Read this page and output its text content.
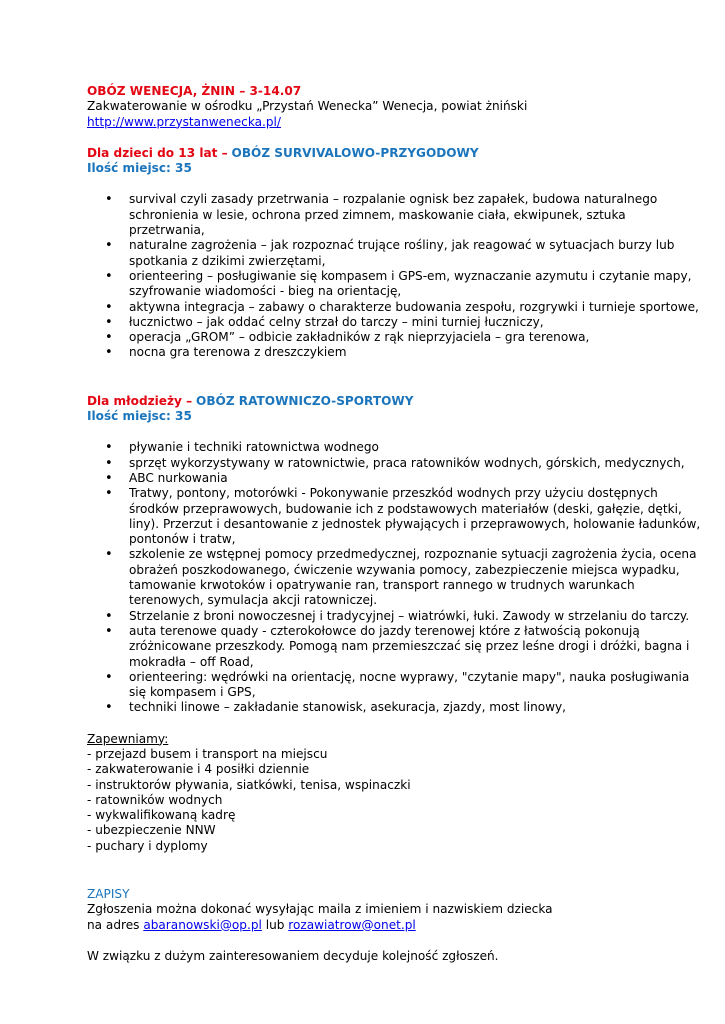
OBÓZ WENECJA, ŻNIN – 3-14.07
Zakwaterowanie w ośrodku „Przystań Wenecka” Wenecja, powiat żniński
http://www.przystanwenecka.pl/
Dla dzieci do 13 lat – OBÓZ SURVIVALOWO-PRZYGODOWY
Ilość miejsc: 35
• survival czyli zasady przetrwania – rozpalanie ognisk bez zapałek, budowa naturalnego
schronienia w lesie, ochrona przed zimnem, maskowanie ciała, ekwipunek, sztuka
przetrwania,
• naturalne zagrożenia – jak rozpoznać trujące rośliny, jak reagować w sytuacjach burzy lub
spotkania z dzikimi zwierzętami,
• orienteering – posługiwanie się kompasem i GPS-em, wyznaczanie azymutu i czytanie mapy,
szyfrowanie wiadomości - bieg na orientację,
• aktywna integracja – zabawy o charakterze budowania zespołu, rozgrywki i turnieje sportowe,
• łucznictwo – jak oddać celny strzał do tarczy – mini turniej łuczniczy,
• operacja „GROM” – odbicie zakładników z rąk nieprzyjaciela – gra terenowa,
• nocna gra terenowa z dreszczykiem
Dla młodzieży – OBÓZ RATOWNICZO-SPORTOWY
Ilość miejsc: 35
• pływanie i techniki ratownictwa wodnego
• sprzęt wykorzystywany w ratownictwie, praca ratowników wodnych, górskich, medycznych,
• ABC nurkowania
• Tratwy, pontony, motorówki - Pokonywanie przeszkód wodnych przy użyciu dostępnych
środków przeprawowych, budowanie ich z podstawowych materiałów (deski, gałęzie, dętki,
liny). Przerzut i desantowanie z jednostek pływających i przeprawowych, holowanie ładunków,
pontonów i tratw,
• szkolenie ze wstępnej pomocy przedmedycznej, rozpoznanie sytuacji zagrożenia życia, ocena
obrażeń poszkodowanego, ćwiczenie wzywania pomocy, zabezpieczenie miejsca wypadku,
tamowanie krwotoków i opatrywanie ran, transport rannego w trudnych warunkach
terenowych, symulacja akcji ratowniczej.
• Strzelanie z broni nowoczesnej i tradycyjnej – wiatrówki, łuki. Zawody w strzelaniu do tarczy.
• auta terenowe quady - czterokołowce do jazdy terenowej które z łatwością pokonują
zróżnicowane przeszkody. Pomogą nam przemieszczać się przez leśne drogi i dróżki, bagna i
mokradła – off Road,
• orienteering: wędrówki na orientację, nocne wyprawy, "czytanie mapy", nauka posługiwania
się kompasem i GPS,
• techniki linowe – zakładanie stanowisk, asekuracja, zjazdy, most linowy,
Zapewniamy:
- przejazd busem i transport na miejscu
- zakwaterowanie i 4 posiłki dziennie
- instruktorów pływania, siatkówki, tenisa, wspinaczki
- ratowników wodnych
- wykwalifikowaną kadrę
- ubezpieczenie NNW
- puchary i dyplomy
ZAPISY
Zgłoszenia można dokonać wysyłając maila z imieniem i nazwiskiem dziecka
na adres abaranowski@op.pl lub rozawiatrow@onet.pl
W związku z dużym zainteresowaniem decyduje kolejność zgłoszeń.
